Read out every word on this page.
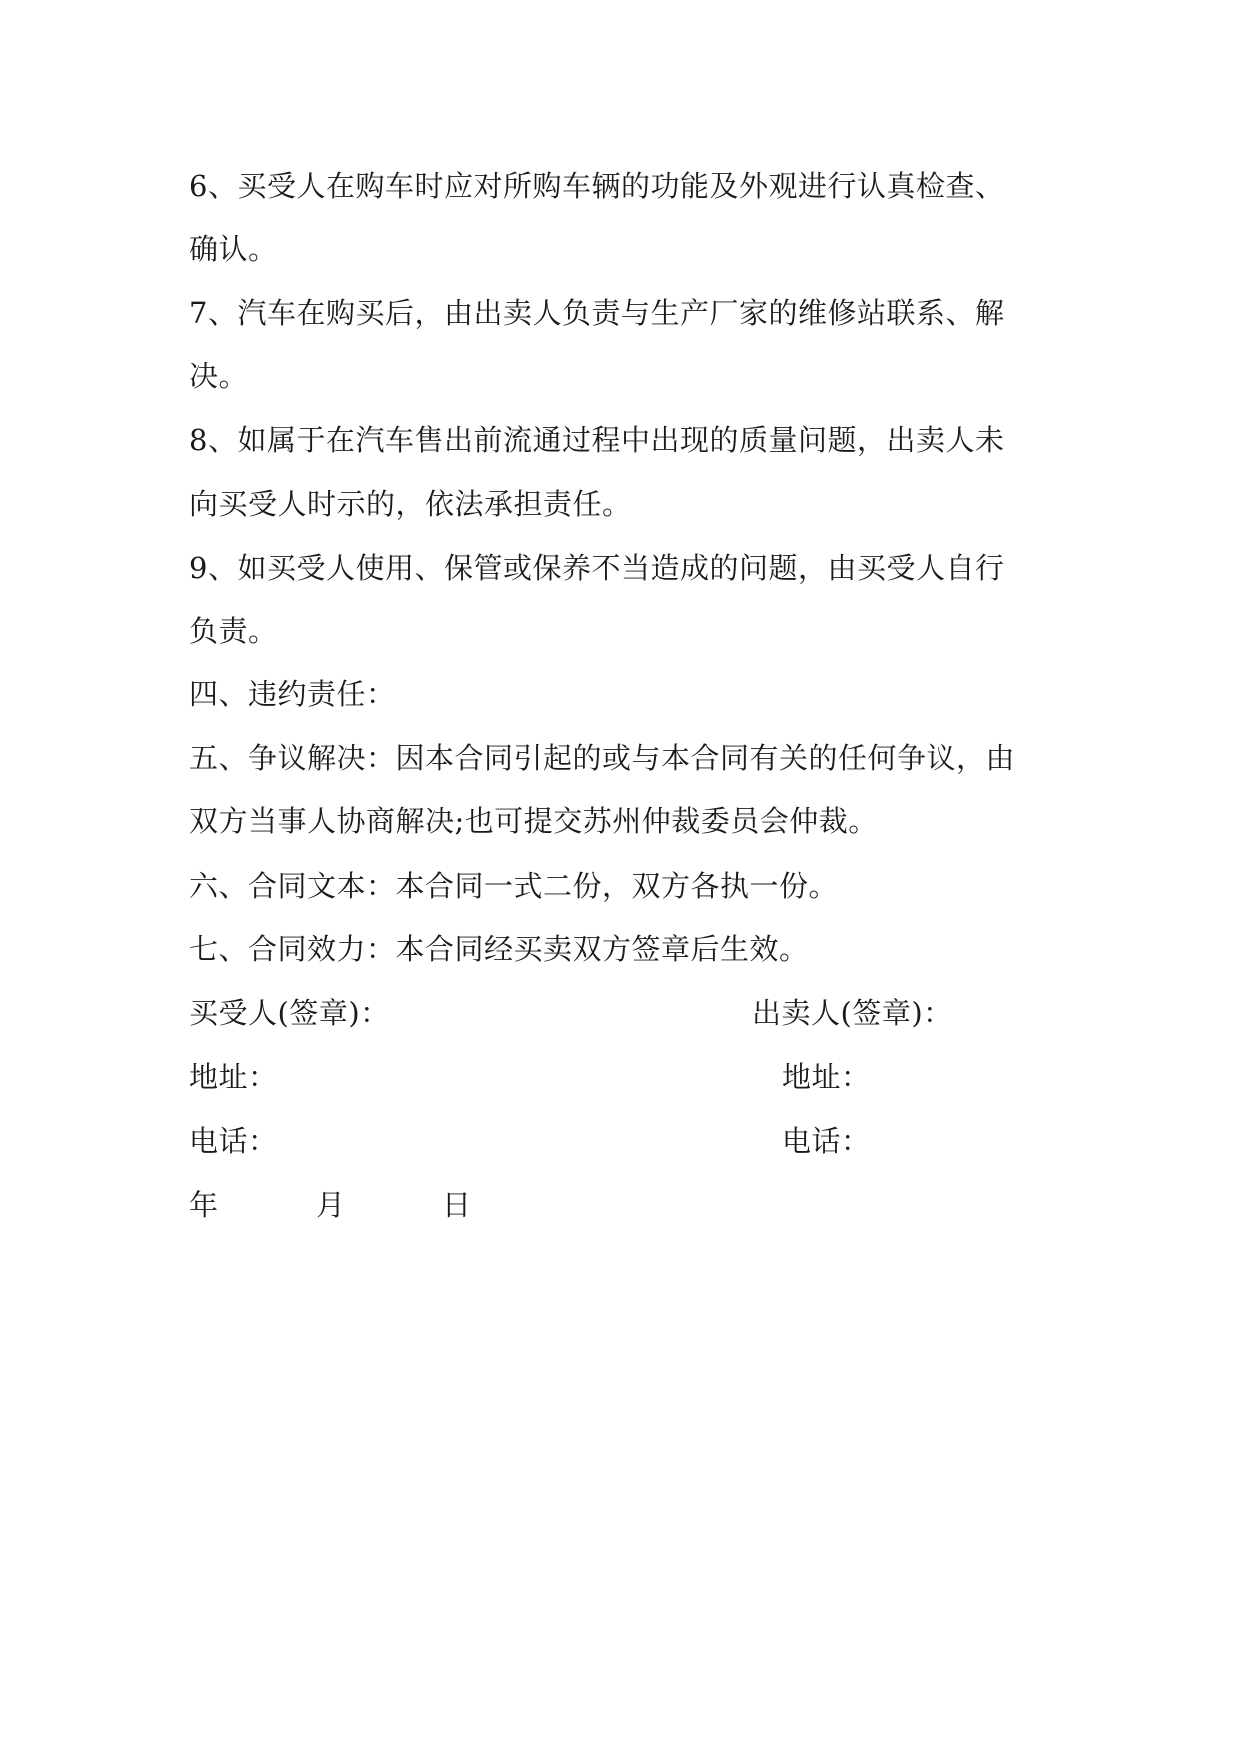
6、买受人在购车时应对所购车辆的功能及外观进行认真检查、
确认。
7、汽车在购买后，由出卖人负责与生产厂家的维修站联系、解
决。
8、如属于在汽车售出前流通过程中出现的质量问题，出卖人未
向买受人时示的，依法承担责任。
9、如买受人使用、保管或保养不当造成的问题，由买受人自行
负责。
四、违约责任：
五、争议解决：因本合同引起的或与本合同有关的任何争议，由
双方当事人协商解决;也可提交苏州仲裁委员会仲裁。
六、合同文本：本合同一式二份，双方各执一份。
七、合同效力：本合同经买卖双方签章后生效。
买受人(签章)：	出卖人(签章)：
地址：	地址：
电话：	电话：
年	月	日
